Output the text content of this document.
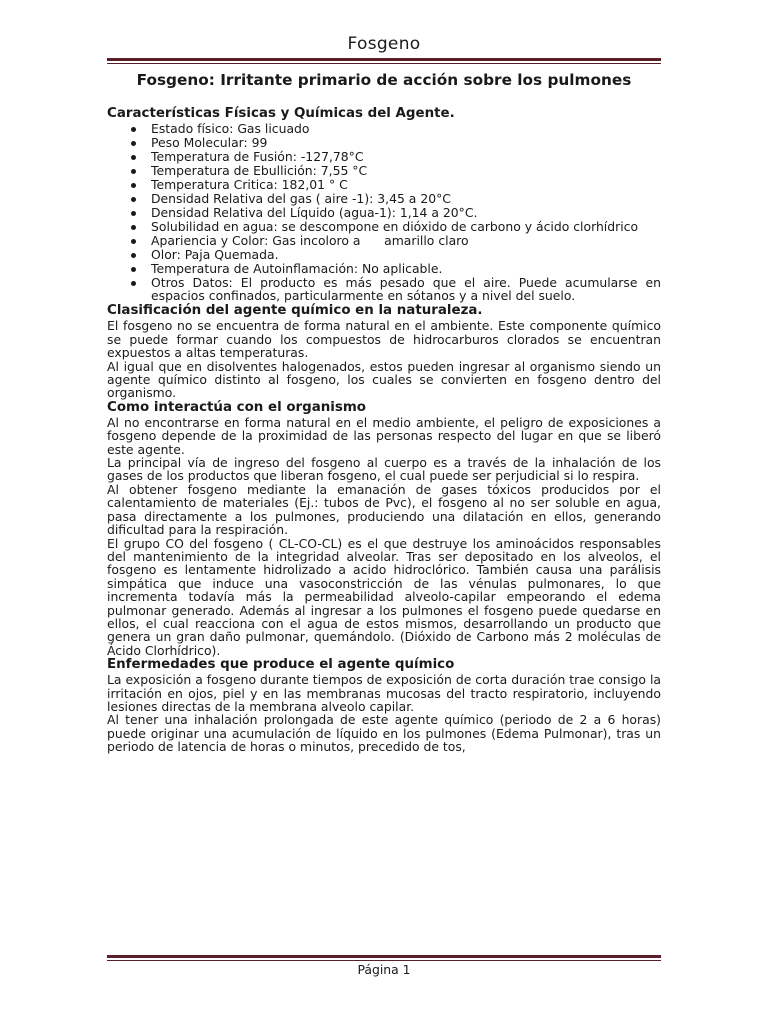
Fosgeno
Fosgeno: Irritante primario de acción sobre los pulmones
Características Físicas y Químicas del Agente.
Estado físico: Gas licuado
Peso Molecular: 99
Temperatura de Fusión: -127,78°C
Temperatura de Ebullición: 7,55 °C
Temperatura Critica: 182,01 ° C
Densidad Relativa del gas ( aire -1): 3,45 a 20°C
Densidad Relativa del Líquido (agua-1): 1,14 a 20°C.
Solubilidad en agua: se descompone en dióxido de carbono y ácido clorhídrico
Apariencia y Color: Gas incoloro a      amarillo claro
Olor: Paja Quemada.
Temperatura de Autoinflamación: No aplicable.
Otros Datos: El producto es más pesado que el aire. Puede acumularse en espacios confinados, particularmente en sótanos y a nivel del suelo.
Clasificación del agente químico en la naturaleza.

El fosgeno no se encuentra de forma natural en el ambiente. Este componente químico se puede formar cuando los compuestos de hidrocarburos clorados se encuentran expuestos a altas temperaturas.

Al igual que en disolventes halogenados, estos pueden ingresar al organismo siendo un agente químico distinto al fosgeno, los cuales se convierten en fosgeno dentro del organismo.

Como interactúa con el organismo

Al no encontrarse en forma natural en el medio ambiente, el peligro de exposiciones a fosgeno depende de la proximidad de las personas respecto del lugar en que se liberó este agente.

La principal vía de ingreso del fosgeno al cuerpo es a través de la inhalación de los gases de los productos que liberan fosgeno, el cual puede ser perjudicial si lo respira.

Al obtener fosgeno mediante la emanación de gases tóxicos producidos por el calentamiento de materiales (Ej.: tubos de Pvc), el fosgeno al no ser soluble en agua, pasa directamente a los pulmones, produciendo una dilatación en ellos, generando dificultad para la respiración.

El grupo CO del fosgeno ( CL-CO-CL) es el que destruye los aminoácidos responsables del mantenimiento de la integridad alveolar. Tras ser depositado en los alveolos, el fosgeno es lentamente hidrolizado a acido hidroclórico. También causa una parálisis simpática que induce una vasoconstricción de las vénulas pulmonares, lo que incrementa todavía más la permeabilidad alveolo-capilar empeorando el edema pulmonar generado. Además al ingresar a los pulmones el fosgeno puede quedarse en ellos, el cual reacciona con el agua de estos mismos, desarrollando un producto que genera un gran daño pulmonar, quemándolo. (Dióxido de Carbono más 2 moléculas de Ácido Clorhídrico).

Enfermedades que produce el agente químico

La exposición a fosgeno durante tiempos de exposición de corta duración trae consigo la irritación en ojos, piel y en las membranas mucosas del tracto respiratorio, incluyendo lesiones directas de la membrana alveolo capilar.

Al tener una inhalación prolongada de este agente químico (periodo de 2 a 6 horas) puede originar una acumulación de líquido en los pulmones (Edema Pulmonar), tras un periodo de latencia de horas o minutos, precedido de tos,

Página 1
